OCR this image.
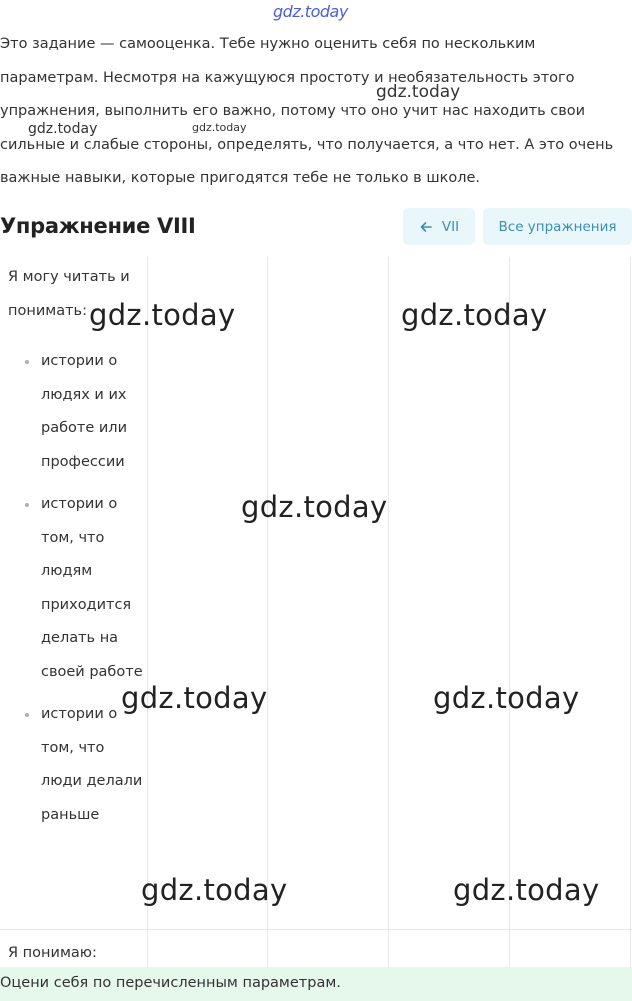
Это задание — самооценка. Тебе нужно оценить себя по нескольким

параметрам. Несмотря на кажущуюся простоту и необязательность этого

упражнения, выполнить его важно, потому что оно учит нас находить свои

сильные и слабые стороны, определять, что получается, а что нет. А это очень

важные навыки, которые пригодятся тебе не только в школе.

Упражнение VIII	VII	Все упражнения
Я могу читать и понимать:
истории о людях и их работе или профессии
истории о том, что людям приходится делать на своей работе
истории о том, что люди делали раньше
Я понимаю:
Оцени себя по перечисленным параметрам.
gdz.today
gdz.today
gdz.today	gdz.today
gdz.today	gdz.today
gdz.today
gdz.today	gdz.today
gdz.today	gdz.today
